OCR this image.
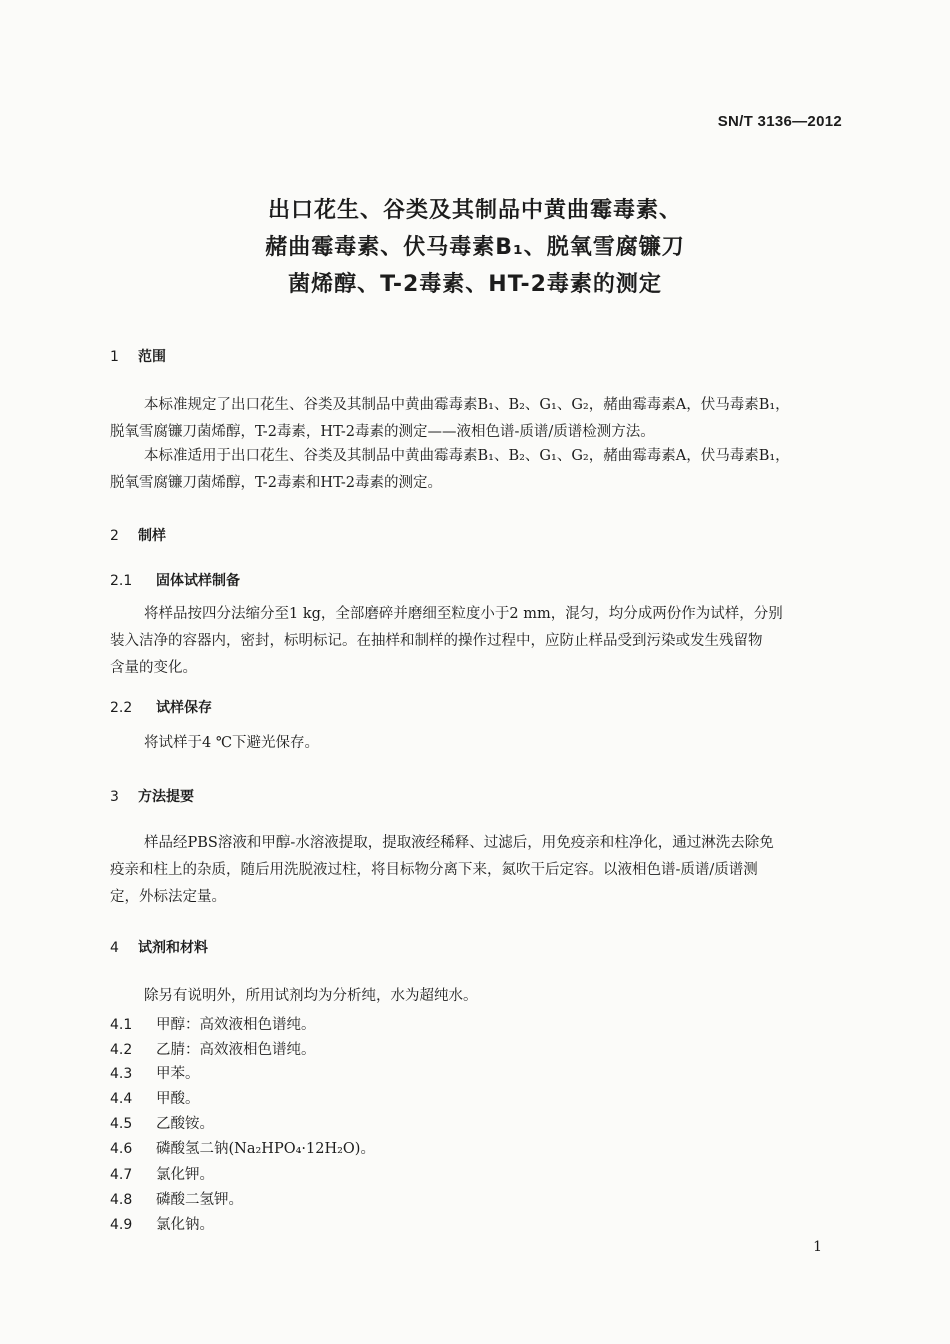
SN/T 3136—2012
出口花生、谷类及其制品中黄曲霉毒素、
赭曲霉毒素、伏马毒素B₁、脱氧雪腐镰刀
菌烯醇、T-2毒素、HT-2毒素的测定
1 范围
本标准规定了出口花生、谷类及其制品中黄曲霉毒素B₁、B₂、G₁、G₂，赭曲霉毒素A，伏马毒素B₁，
脱氧雪腐镰刀菌烯醇，T-2毒素，HT-2毒素的测定——液相色谱-质谱/质谱检测方法。
本标准适用于出口花生、谷类及其制品中黄曲霉毒素B₁、B₂、G₁、G₂，赭曲霉毒素A，伏马毒素B₁，
脱氧雪腐镰刀菌烯醇，T-2毒素和HT-2毒素的测定。
2 制样
2.1 固体试样制备
将样品按四分法缩分至1 kg，全部磨碎并磨细至粒度小于2 mm，混匀，均分成两份作为试样，分别
装入洁净的容器内，密封，标明标记。在抽样和制样的操作过程中，应防止样品受到污染或发生残留物
含量的变化。
2.2 试样保存
将试样于4 ℃下避光保存。
3 方法提要
样品经PBS溶液和甲醇-水溶液提取，提取液经稀释、过滤后，用免疫亲和柱净化，通过淋洗去除免
疫亲和柱上的杂质，随后用洗脱液过柱，将目标物分离下来，氮吹干后定容。以液相色谱-质谱/质谱测
定，外标法定量。
4 试剂和材料
除另有说明外，所用试剂均为分析纯，水为超纯水。
4.1 甲醇：高效液相色谱纯。
4.2 乙腈：高效液相色谱纯。
4.3 甲苯。
4.4 甲酸。
4.5 乙酸铵。
4.6 磷酸氢二钠(Na₂HPO₄·12H₂O)。
4.7 氯化钾。
4.8 磷酸二氢钾。
4.9 氯化钠。
1
